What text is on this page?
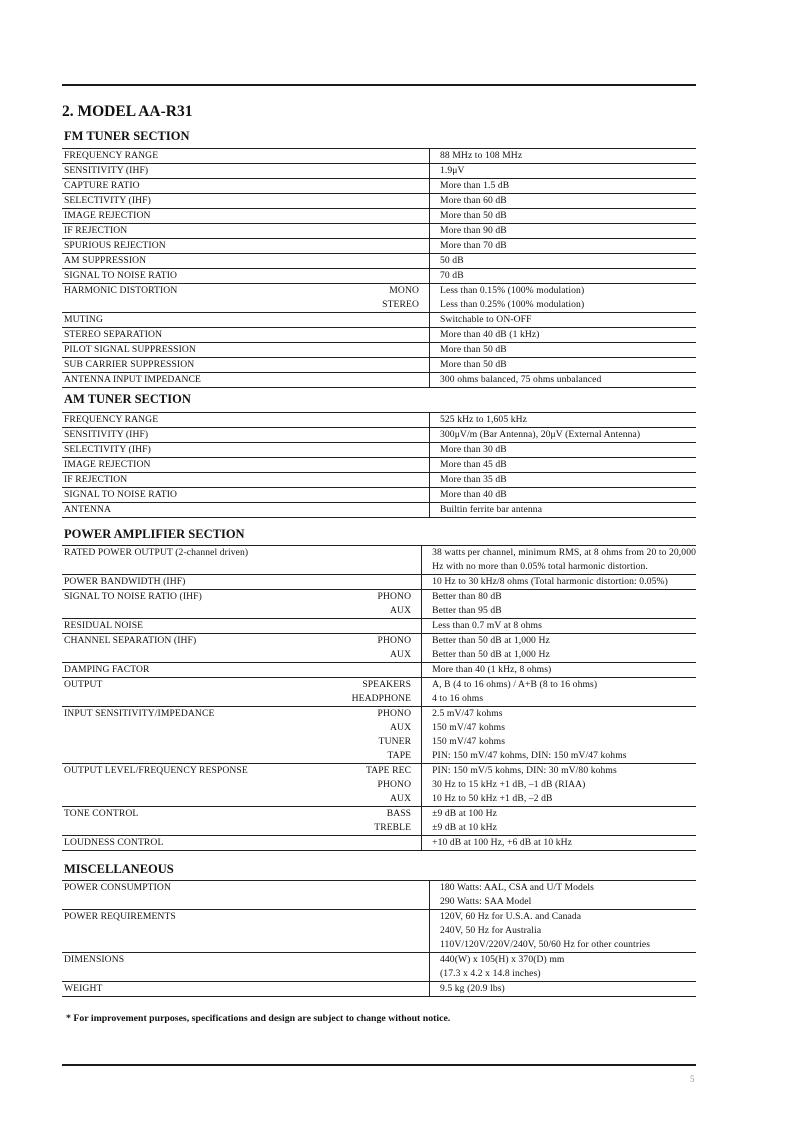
2. MODEL AA-R31
FM TUNER SECTION
FREQUENCY RANGE		88 MHz to 108 MHz
SENSITIVITY (IHF)		1.9μV
CAPTURE RATIO		More than 1.5 dB
SELECTIVITY (IHF)		More than 60 dB
IMAGE REJECTION		More than 50 dB
IF REJECTION		More than 90 dB
SPURIOUS REJECTION		More than 70 dB
AM SUPPRESSION		50 dB
SIGNAL TO NOISE RATIO		70 dB
HARMONIC DISTORTION	MONO	Less than 0.15% (100% modulation)
	STEREO	Less than 0.25% (100% modulation)
MUTING		Switchable to ON-OFF
STEREO SEPARATION		More than 40 dB (1 kHz)
PILOT SIGNAL SUPPRESSION		More than 50 dB
SUB CARRIER SUPPRESSION		More than 50 dB
ANTENNA INPUT IMPEDANCE		300 ohms balanced, 75 ohms unbalanced
AM TUNER SECTION
FREQUENCY RANGE		525 kHz to 1,605 kHz
SENSITIVITY (IHF)		300μV/m (Bar Antenna), 20μV (External Antenna)
SELECTIVITY (IHF)		More than 30 dB
IMAGE REJECTION		More than 45 dB
IF REJECTION		More than 35 dB
SIGNAL TO NOISE RATIO		More than 40 dB
ANTENNA		Builtin ferrite bar antenna
POWER AMPLIFIER SECTION
RATED POWER OUTPUT (2-channel driven)		38 watts per channel, minimum RMS, at 8 ohms from 20 to 20,000
		Hz with no more than 0.05% total harmonic distortion.
POWER BANDWIDTH (IHF)		10 Hz to 30 kHz/8 ohms (Total harmonic distortion: 0.05%)
SIGNAL TO NOISE RATIO (IHF)	PHONO	Better than 80 dB
	AUX	Better than 95 dB
RESIDUAL NOISE		Less than 0.7 mV at 8 ohms
CHANNEL SEPARATION (IHF)	PHONO	Better than 50 dB at 1,000 Hz
	AUX	Better than 50 dB at 1,000 Hz
DAMPING FACTOR		More than 40 (1 kHz, 8 ohms)
OUTPUT	SPEAKERS	A, B (4 to 16 ohms) / A+B (8 to 16 ohms)
	HEADPHONE	4 to 16 ohms
INPUT SENSITIVITY/IMPEDANCE	PHONO	2.5 mV/47 kohms
	AUX	150 mV/47 kohms
	TUNER	150 mV/47 kohms
	TAPE	PIN: 150 mV/47 kohms, DIN: 150 mV/47 kohms
OUTPUT LEVEL/FREQUENCY RESPONSE	TAPE REC	PIN: 150 mV/5 kohms, DIN: 30 mV/80 kohms
	PHONO	30 Hz to 15 kHz +1 dB, –1 dB (RIAA)
	AUX	10 Hz to 50 kHz +1 dB, –2 dB
TONE CONTROL	BASS	±9 dB at 100 Hz
	TREBLE	±9 dB at 10 kHz
LOUDNESS CONTROL		+10 dB at 100 Hz, +6 dB at 10 kHz
MISCELLANEOUS
POWER CONSUMPTION		180 Watts: AAL, CSA and U/T Models
		290 Watts: SAA Model
POWER REQUIREMENTS		120V, 60 Hz for U.S.A. and Canada
		240V, 50 Hz for Australia
		110V/120V/220V/240V, 50/60 Hz for other countries
DIMENSIONS		440(W) x 105(H) x 370(D) mm
		(17.3 x 4.2 x 14.8 inches)
WEIGHT		9.5 kg (20.9 lbs)

* For improvement purposes, specifications and design are subject to change without notice.

5
